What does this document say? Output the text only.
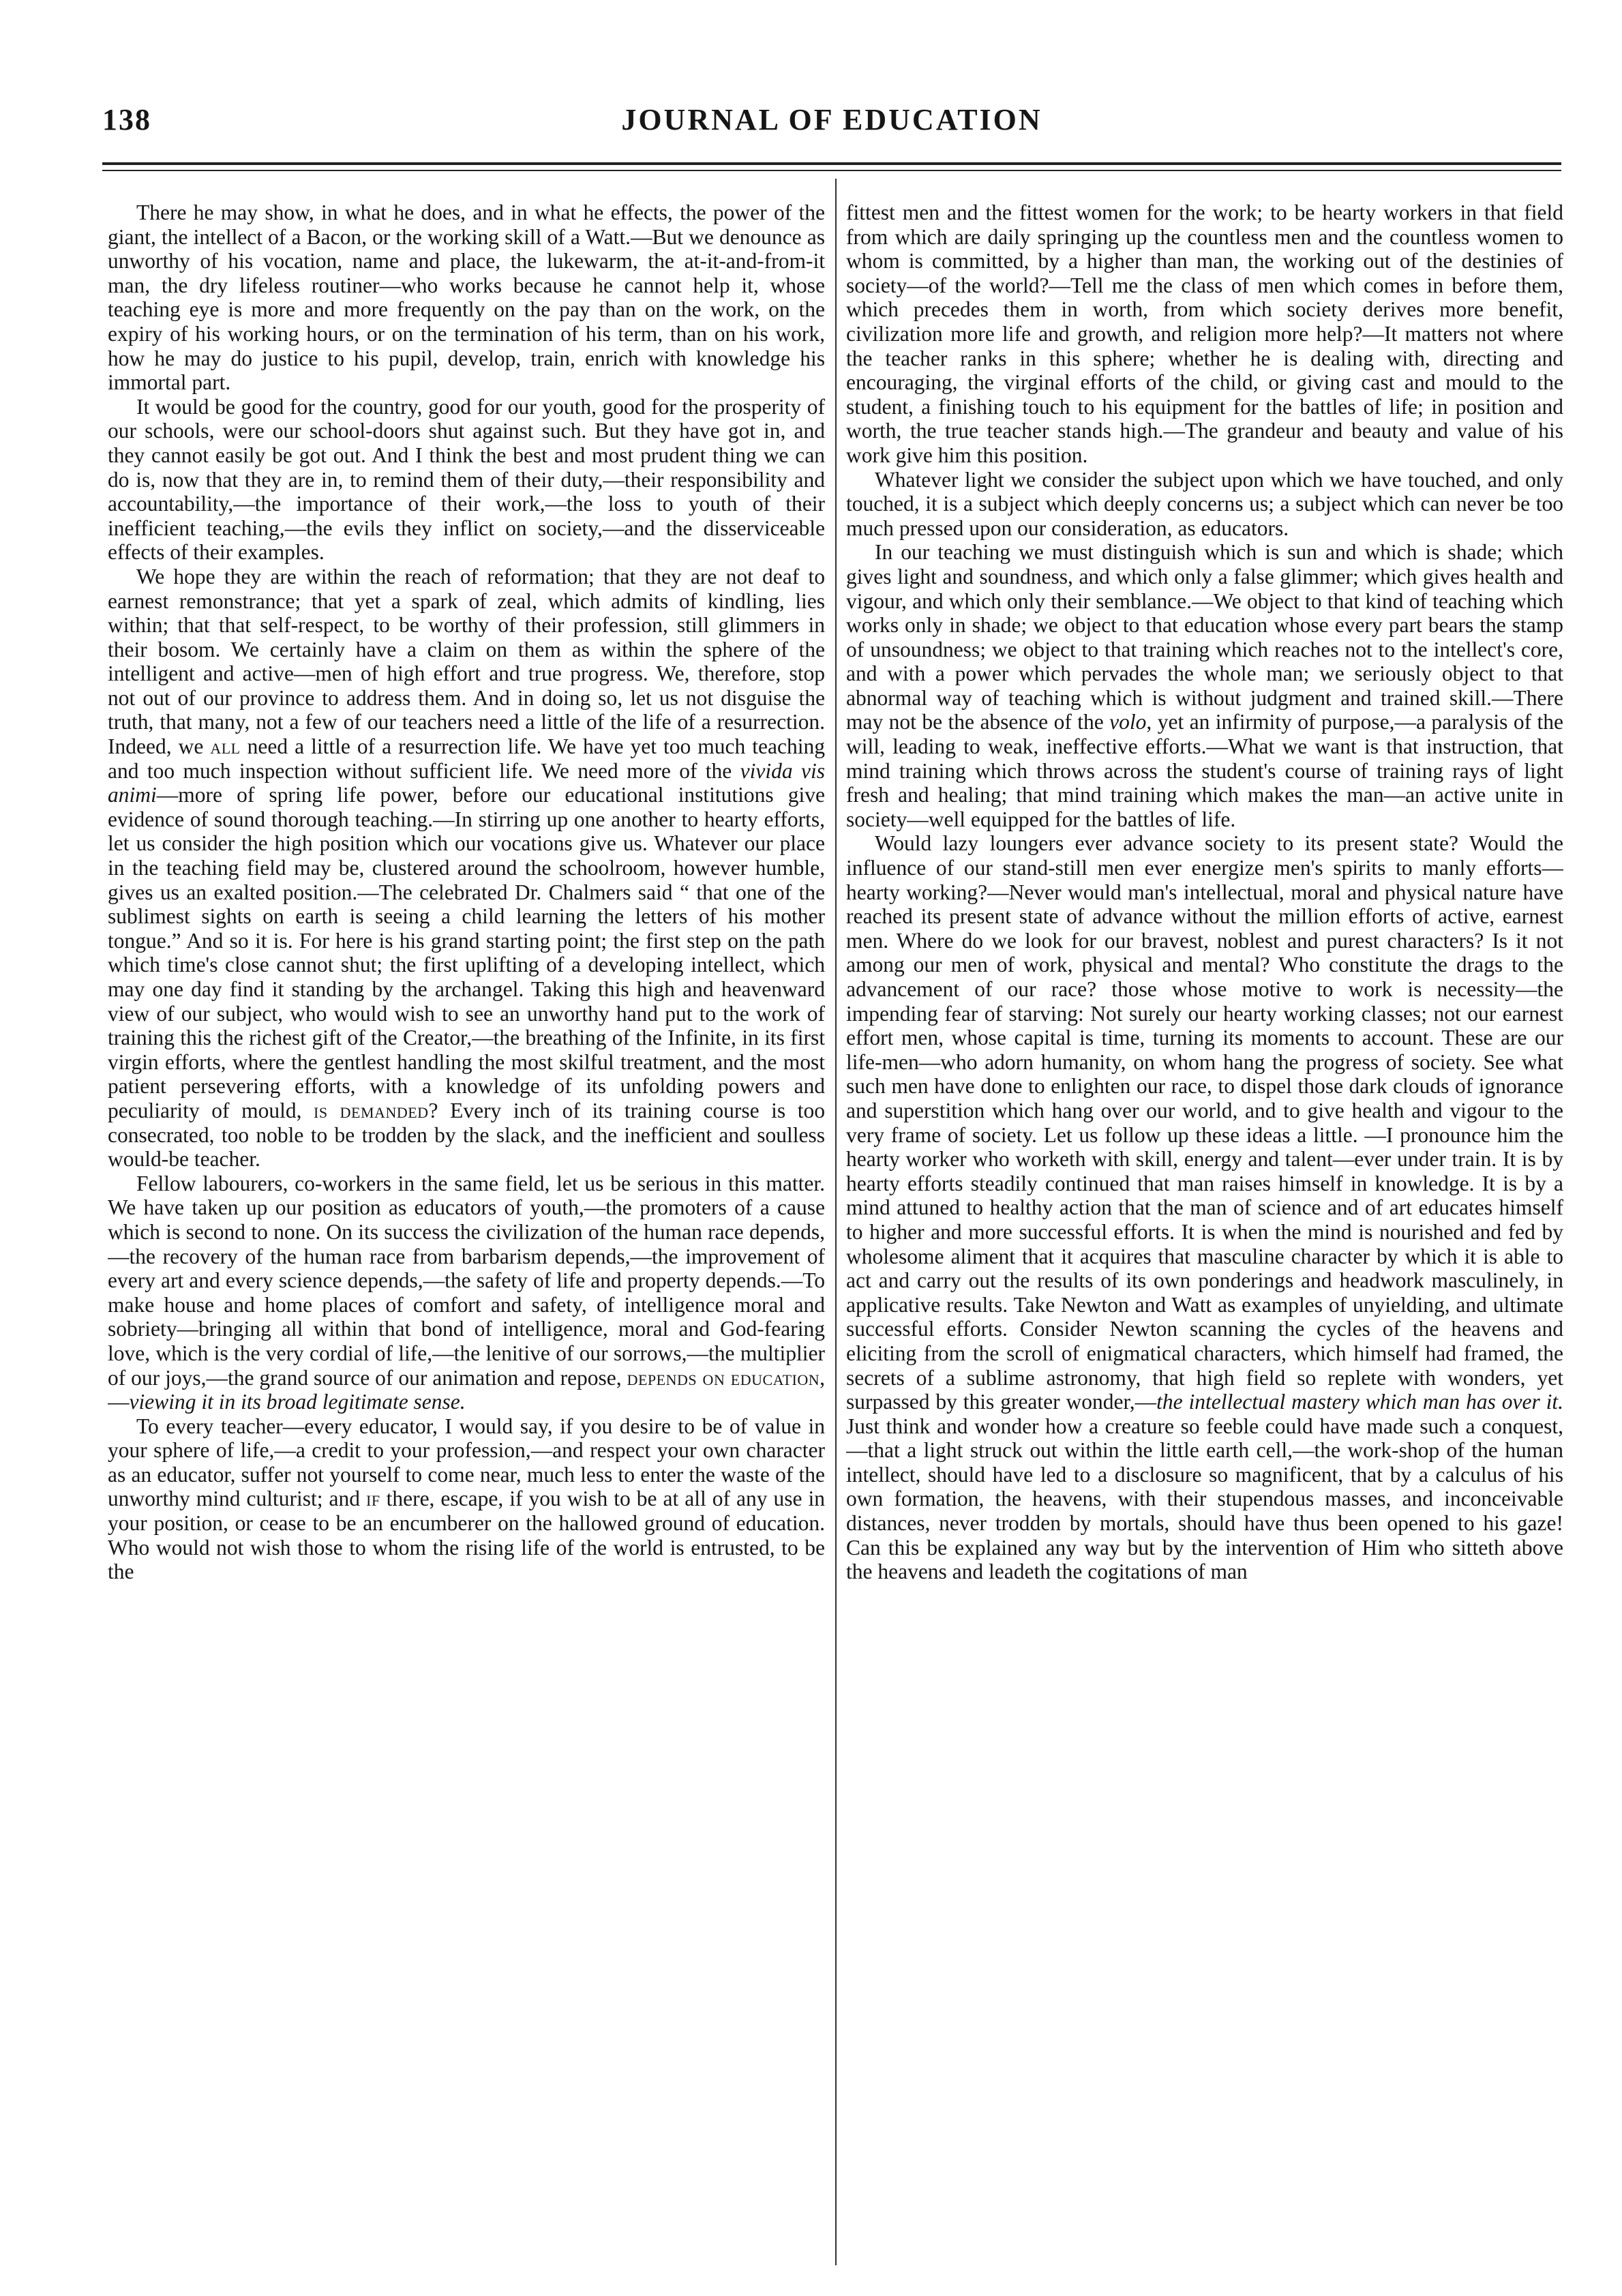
138	JOURNAL OF EDUCATION

There he may show, in what he does, and in what he effects, the power of the giant, the intellect of a Bacon, or the working skill of a Watt.—But we denounce as unworthy of his vocation, name and place, the lukewarm, the at-it-and-from-it man, the dry lifeless routiner—who works because he cannot help it, whose teaching eye is more and more frequently on the pay than on the work, on the expiry of his working hours, or on the termination of his term, than on his work, how he may do justice to his pupil, develop, train, enrich with knowledge his immortal part.

It would be good for the country, good for our youth, good for the prosperity of our schools, were our school-doors shut against such. But they have got in, and they cannot easily be got out. And I think the best and most prudent thing we can do is, now that they are in, to remind them of their duty,—their responsibility and accountability,—the importance of their work,—the loss to youth of their inefficient teaching,—the evils they inflict on society,—and the disserviceable effects of their examples.

We hope they are within the reach of reformation; that they are not deaf to earnest remonstrance; that yet a spark of zeal, which admits of kindling, lies within; that that self-respect, to be worthy of their profession, still glimmers in their bosom. We certainly have a claim on them as within the sphere of the intelligent and active—men of high effort and true progress. We, therefore, stop not out of our province to address them. And in doing so, let us not disguise the truth, that many, not a few of our teachers need a little of the life of a resurrection. Indeed, we all need a little of a resurrection life. We have yet too much teaching and too much inspection without sufficient life. We need more of the vivida vis animi—more of spring life power, before our educational institutions give evidence of sound thorough teaching.—In stirring up one another to hearty efforts, let us consider the high position which our vocations give us. Whatever our place in the teaching field may be, clustered around the schoolroom, however humble, gives us an exalted position.—The celebrated Dr. Chalmers said “ that one of the sublimest sights on earth is seeing a child learning the letters of his mother tongue.” And so it is. For here is his grand starting point; the first step on the path which time's close cannot shut; the first uplifting of a developing intellect, which may one day find it standing by the archangel. Taking this high and heavenward view of our subject, who would wish to see an unworthy hand put to the work of training this the richest gift of the Creator,—the breathing of the Infinite, in its first virgin efforts, where the gentlest handling the most skilful treatment, and the most patient persevering efforts, with a knowledge of its unfolding powers and peculiarity of mould, is demanded? Every inch of its training course is too consecrated, too noble to be trodden by the slack, and the inefficient and soulless would-be teacher.

Fellow labourers, co-workers in the same field, let us be serious in this matter. We have taken up our position as educators of youth,—the promoters of a cause which is second to none. On its success the civilization of the human race depends,—the recovery of the human race from barbarism depends,—the improvement of every art and every science depends,—the safety of life and property depends.—To make house and home places of comfort and safety, of intelligence moral and sobriety—bringing all within that bond of intelligence, moral and God-fearing love, which is the very cordial of life,—the lenitive of our sorrows,—the multiplier of our joys,—the grand source of our animation and repose, depends on education,—viewing it in its broad legitimate sense.

To every teacher—every educator, I would say, if you desire to be of value in your sphere of life,—a credit to your profession,—and respect your own character as an educator, suffer not yourself to come near, much less to enter the waste of the unworthy mind culturist; and if there, escape, if you wish to be at all of any use in your position, or cease to be an encumberer on the hallowed ground of education. Who would not wish those to whom the rising life of the world is entrusted, to be the

fittest men and the fittest women for the work; to be hearty workers in that field from which are daily springing up the countless men and the countless women to whom is committed, by a higher than man, the working out of the destinies of society—of the world?—Tell me the class of men which comes in before them, which precedes them in worth, from which society derives more benefit, civilization more life and growth, and religion more help?—It matters not where the teacher ranks in this sphere; whether he is dealing with, directing and encouraging, the virginal efforts of the child, or giving cast and mould to the student, a finishing touch to his equipment for the battles of life; in position and worth, the true teacher stands high.—The grandeur and beauty and value of his work give him this position.

Whatever light we consider the subject upon which we have touched, and only touched, it is a subject which deeply concerns us; a subject which can never be too much pressed upon our consideration, as educators.

In our teaching we must distinguish which is sun and which is shade; which gives light and soundness, and which only a false glimmer; which gives health and vigour, and which only their semblance.—We object to that kind of teaching which works only in shade; we object to that education whose every part bears the stamp of unsoundness; we object to that training which reaches not to the intellect's core, and with a power which pervades the whole man; we seriously object to that abnormal way of teaching which is without judgment and trained skill.—There may not be the absence of the volo, yet an infirmity of purpose,—a paralysis of the will, leading to weak, ineffective efforts.—What we want is that instruction, that mind training which throws across the student's course of training rays of light fresh and healing; that mind training which makes the man—an active unite in society—well equipped for the battles of life.

Would lazy loungers ever advance society to its present state? Would the influence of our stand-still men ever energize men's spirits to manly efforts—hearty working?—Never would man's intellectual, moral and physical nature have reached its present state of advance without the million efforts of active, earnest men. Where do we look for our bravest, noblest and purest characters? Is it not among our men of work, physical and mental? Who constitute the drags to the advancement of our race? those whose motive to work is necessity—the impending fear of starving: Not surely our hearty working classes; not our earnest effort men, whose capital is time, turning its moments to account. These are our life-men—who adorn humanity, on whom hang the progress of society. See what such men have done to enlighten our race, to dispel those dark clouds of ignorance and superstition which hang over our world, and to give health and vigour to the very frame of society. Let us follow up these ideas a little. —I pronounce him the hearty worker who worketh with skill, energy and talent—ever under train. It is by hearty efforts steadily continued that man raises himself in knowledge. It is by a mind attuned to healthy action that the man of science and of art educates himself to higher and more successful efforts. It is when the mind is nourished and fed by wholesome aliment that it acquires that masculine character by which it is able to act and carry out the results of its own ponderings and headwork masculinely, in applicative results. Take Newton and Watt as examples of unyielding, and ultimate successful efforts. Consider Newton scanning the cycles of the heavens and eliciting from the scroll of enigmatical characters, which himself had framed, the secrets of a sublime astronomy, that high field so replete with wonders, yet surpassed by this greater wonder,—the intellectual mastery which man has over it. Just think and wonder how a creature so feeble could have made such a conquest,—that a light struck out within the little earth cell,—the work-shop of the human intellect, should have led to a disclosure so magnificent, that by a calculus of his own formation, the heavens, with their stupendous masses, and inconceivable distances, never trodden by mortals, should have thus been opened to his gaze! Can this be explained any way but by the intervention of Him who sitteth above the heavens and leadeth the cogitations of man
